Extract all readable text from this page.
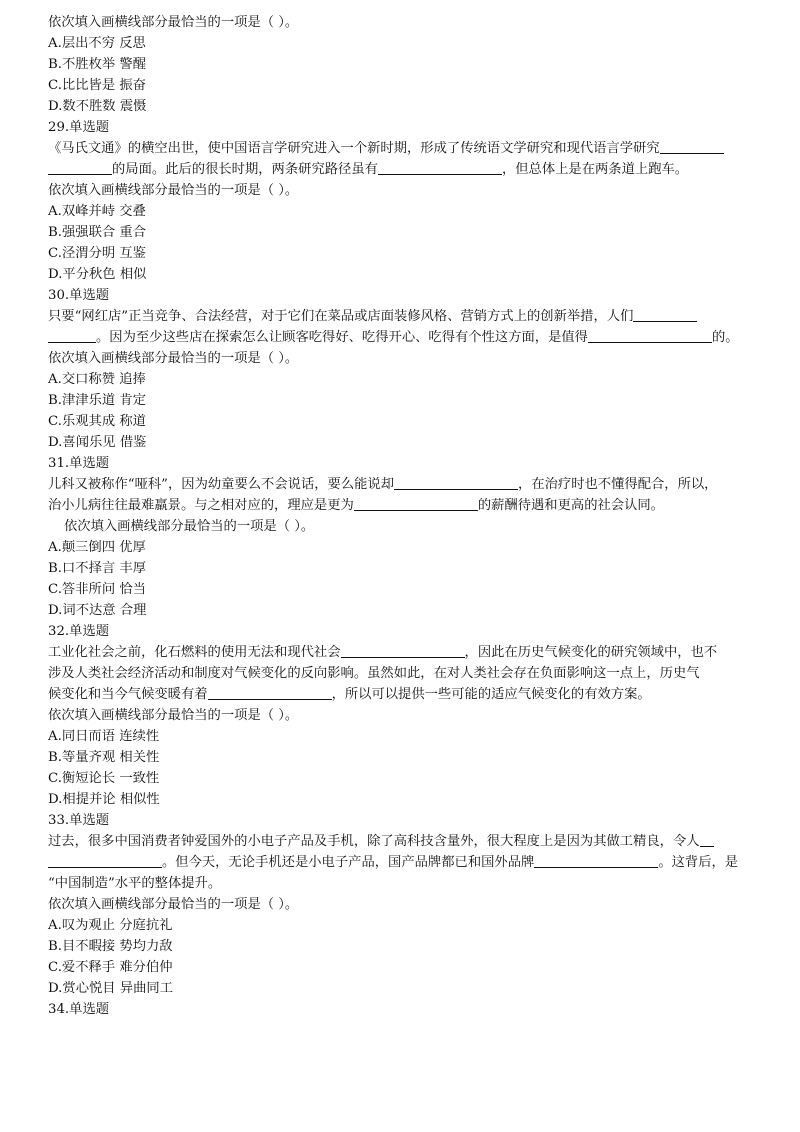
依次填入画横线部分最恰当的一项是（ ）。
A.层出不穷 反思
B.不胜枚举 警醒
C.比比皆是 振奋
D.数不胜数 震慑
29.单选题
《马氏文通》的横空出世，使中国语言学研究进入一个新时期，形成了传统语文学研究和现代语言学研究
的局面。此后的很长时期，两条研究路径虽有	，但总体上是在两条道上跑车。
依次填入画横线部分最恰当的一项是（ ）。
A.双峰并峙 交叠
B.强强联合 重合
C.泾渭分明 互鉴
D.平分秋色 相似
30.单选题
只要“网红店”正当竞争、合法经营，对于它们在菜品或店面装修风格、营销方式上的创新举措，人们
。因为至少这些店在探索怎么让顾客吃得好、吃得开心、吃得有个性这方面，是值得	的。
依次填入画横线部分最恰当的一项是（ ）。
A.交口称赞 追捧
B.津津乐道 肯定
C.乐观其成 称道
D.喜闻乐见 借鉴
31.单选题
儿科又被称作“哑科”，因为幼童要么不会说话，要么能说却	，在治疗时也不懂得配合，所以，
治小儿病往往最难羸景。与之相对应的，理应是更为	的薪酬待遇和更高的社会认同。
依次填入画横线部分最恰当的一项是（ ）。
A.颠三倒四 优厚
B.口不择言 丰厚
C.答非所问 恰当
D.词不达意 合理
32.单选题
工业化社会之前，化石燃料的使用无法和现代社会	，因此在历史气候变化的研究领域中，也不
涉及人类社会经济活动和制度对气候变化的反向影响。虽然如此，在对人类社会存在负面影响这一点上，历史气
候变化和当今气候变暖有着	，所以可以提供一些可能的适应气候变化的有效方案。
依次填入画横线部分最恰当的一项是（ ）。
A.同日而语 连续性
B.等量齐观 相关性
C.衡短论长 一致性
D.相提并论 相似性
33.单选题
过去，很多中国消费者钟爱国外的小电子产品及手机，除了高科技含量外，很大程度上是因为其做工精良，令人
。但今天，无论手机还是小电子产品，国产品牌都已和国外品牌	。这背后，是
“中国制造”水平的整体提升。
依次填入画横线部分最恰当的一项是（ ）。
A.叹为观止 分庭抗礼
B.目不暇接 势均力敌
C.爱不释手 难分伯仲
D.赏心悦目 异曲同工
34.单选题
